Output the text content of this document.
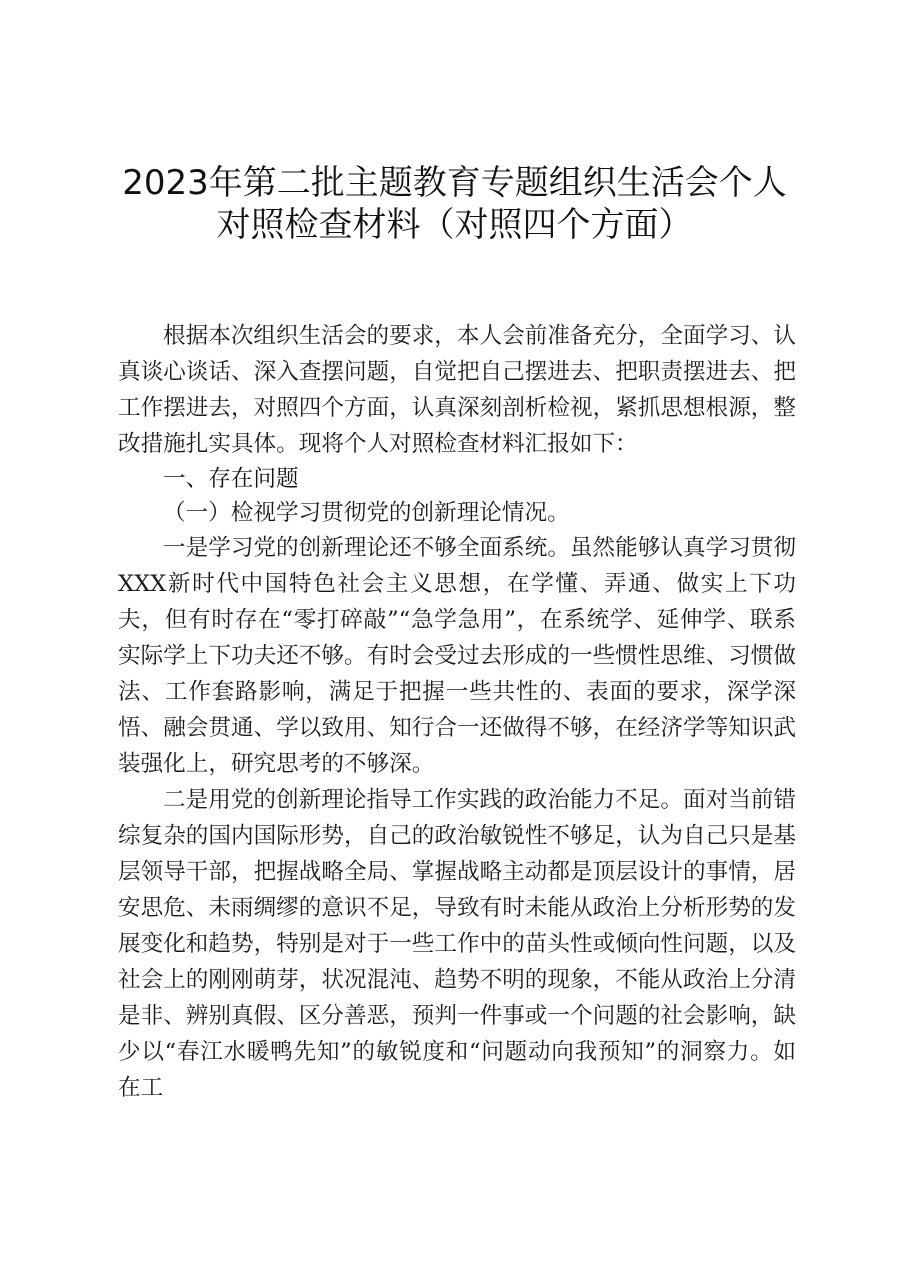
2023年第二批主题教育专题组织生活会个人
对照检查材料（对照四个方面）

根据本次组织生活会的要求，本人会前准备充分，全面学习、认真谈心谈话、深入查摆问题，自觉把自己摆进去、把职责摆进去、把工作摆进去，对照四个方面，认真深刻剖析检视，紧抓思想根源，整改措施扎实具体。现将个人对照检查材料汇报如下：

一、存在问题

（一）检视学习贯彻党的创新理论情况。

一是学习党的创新理论还不够全面系统。虽然能够认真学习贯彻XXX新时代中国特色社会主义思想，在学懂、弄通、做实上下功夫，但有时存在“零打碎敲”“急学急用”，在系统学、延伸学、联系实际学上下功夫还不够。有时会受过去形成的一些惯性思维、习惯做法、工作套路影响，满足于把握一些共性的、表面的要求，深学深悟、融会贯通、学以致用、知行合一还做得不够，在经济学等知识武装强化上，研究思考的不够深。

二是用党的创新理论指导工作实践的政治能力不足。面对当前错综复杂的国内国际形势，自己的政治敏锐性不够足，认为自己只是基层领导干部，把握战略全局、掌握战略主动都是顶层设计的事情，居安思危、未雨绸缪的意识不足，导致有时未能从政治上分析形势的发展变化和趋势，特别是对于一些工作中的苗头性或倾向性问题，以及社会上的刚刚萌芽，状况混沌、趋势不明的现象，不能从政治上分清是非、辨别真假、区分善恶，预判一件事或一个问题的社会影响，缺少以“春江水暖鸭先知”的敏锐度和“问题动向我预知”的洞察力。如在工
